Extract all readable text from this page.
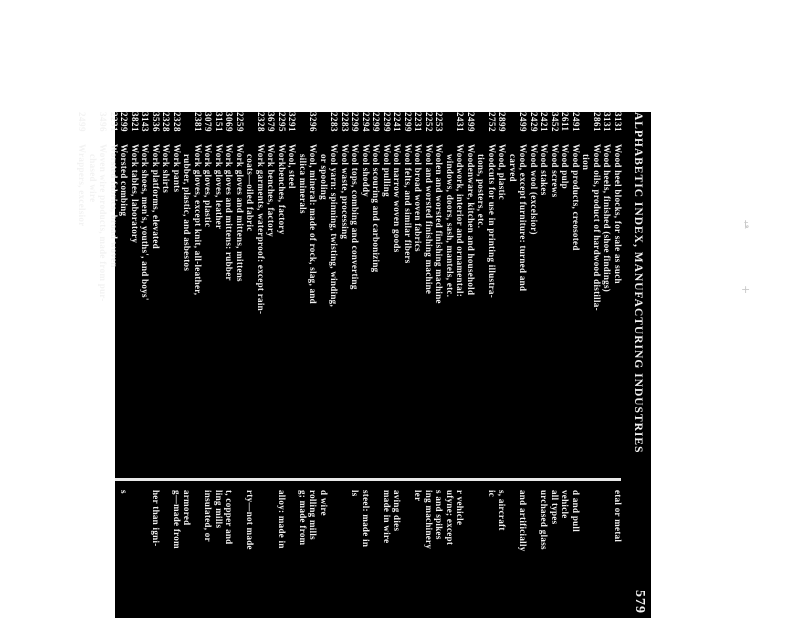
ALPHABETIC INDEX, MANUFACTURING INDUSTRIES
579
3131
Wood heel blocks, for sale as such
3131
Wood heels, finished (shoe findings)
2861
Wood oils, product of hardwood distilla-
tion
2491
Wood products, creosoted
2611
Wood pulp
3452
Wood screws
2421
Wood stakes
2429
Wood wool (excelsior)
2499
Wood, except furniture: turned and
carved
2899
Wood, plastic
2752
Woodcuts for use in printing illustra-
tions, posters, etc.
2499
Woodenware, kitchen and household
2431
Woodwork, interior and ornamental:
windows, doors, sash, mantels, etc.
2253
Woolen and worsted finishing machine
2252
Wool and worsted finishing machine
2231
Wool broad woven fabrics
2299
Wool felts, and similar fibers
2241
Wool narrow woven goods
2299
Wool pulling
2299
Wool scouring and carbonizing
2294
Wool shoddy
2299
Wool tops, combing and converting
2283
Wool waste, processing
2283
Wool yarn: spinning, twisting, winding,
or spooling
3296
Wool, mineral: made of rock, slag, and
silica minerals
3291
Wool, steel
2295
Workbenches, factory
3679
Work benches, factory
2328
Work garments, waterproof: except rain-
coats—oiled fabric
2259
Work gloves and mittens, mittens
3069
Work gloves and mittens: rubber
3151
Work gloves, leather
3079
Work gloves, plastic
2381
Work gloves, except knit, all-leather,
rubber, plastic, and asbestos
2328
Work pants
2328
Work shirts
3536
Work platforms, elevated
3143
Work shoes, men's, youths', and boys'
3821
Work tables, laboratory
2299
Worsted combing
2231
Worsted fabrics, broad woven
3496
Woven wire products, made from pur-
chased wire
2499
Wrappers, excelsior
etal or metal
d and pull
vehicle
all types
urchased glass
and artificially
s, aircraft
ic
r vehicle
ufyne; except
s and spikes
ing machinery
ler
aving dies
made in wire
steel: made in
ls
d wire
rolling mills
g; made from
alloy: made in
rty—not made
t, copper and
ling mills
insulated, or
armored
g—made from
her than igni-
s
ȶ
+
